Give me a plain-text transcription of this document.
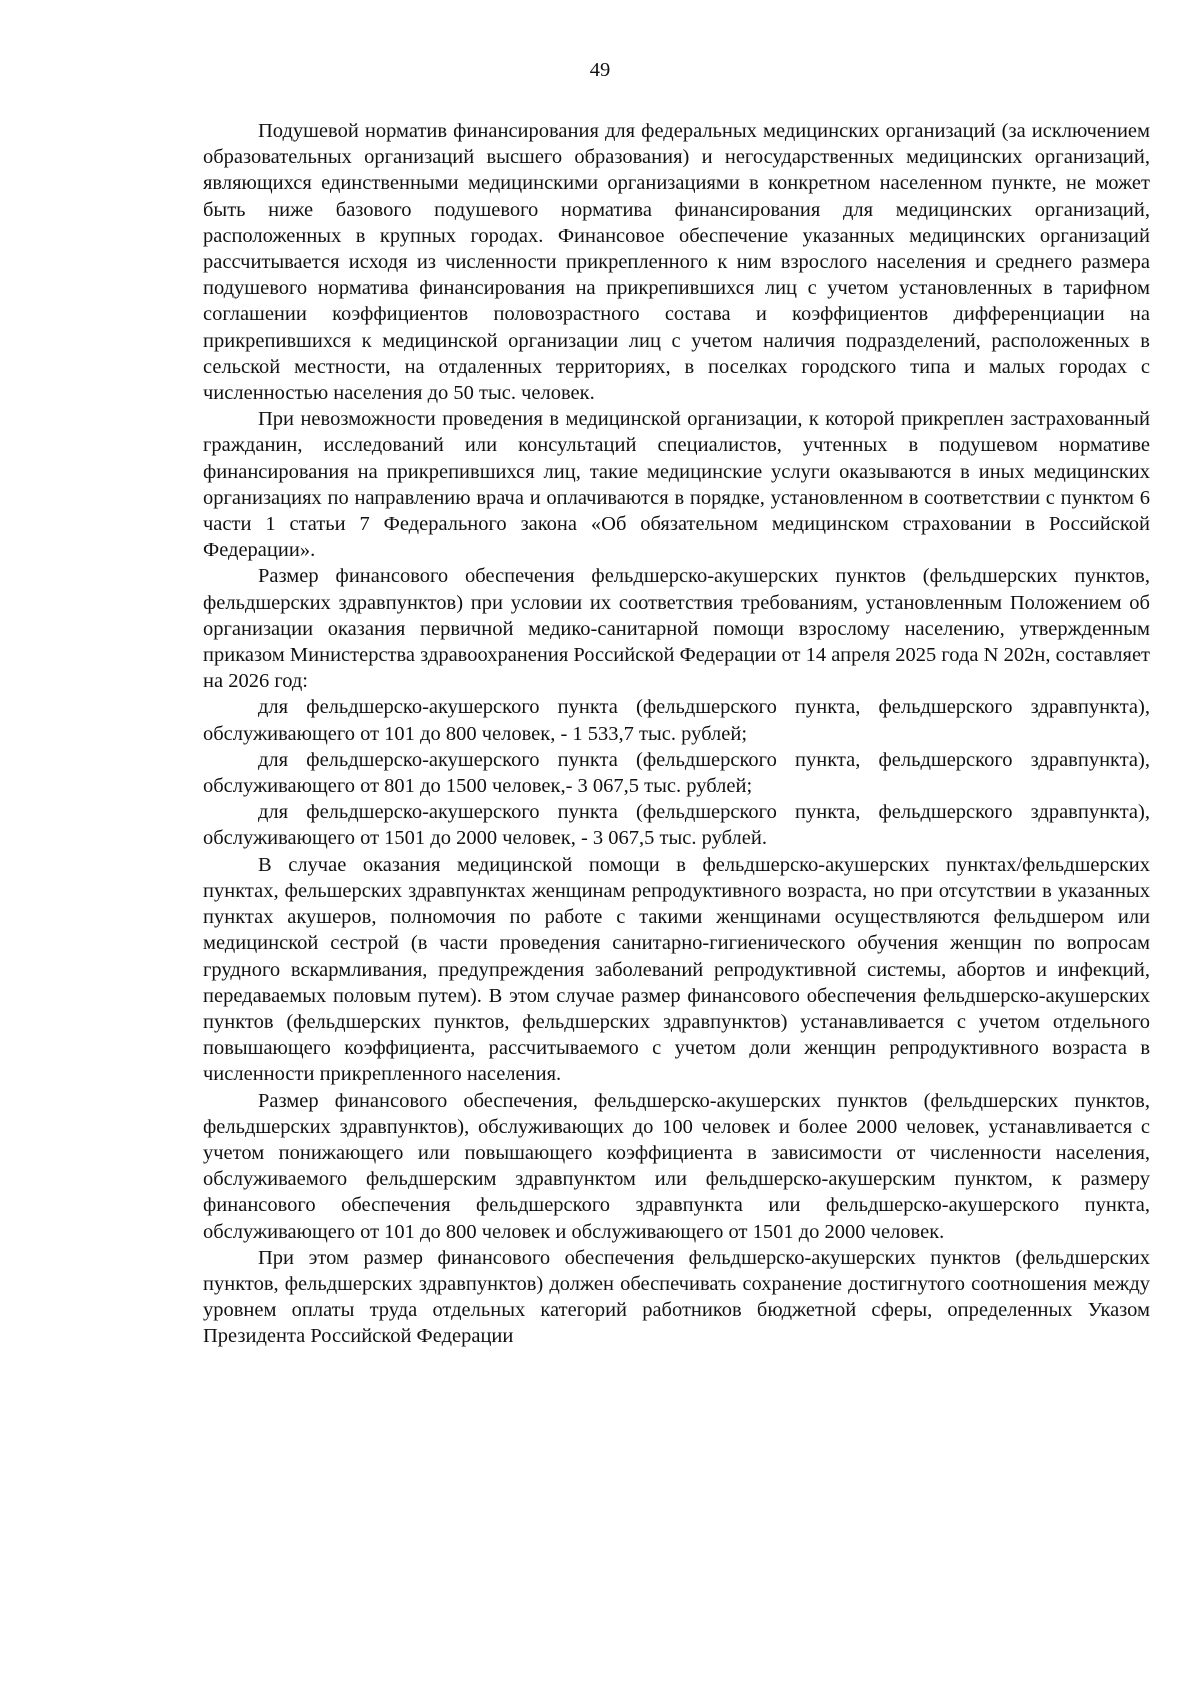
49

Подушевой норматив финансирования для федеральных медицинских организаций (за исключением образовательных организаций высшего образования) и негосударственных медицинских организаций, являющихся единственными медицинскими организациями в конкретном населенном пункте, не может быть ниже базового подушевого норматива финансирования для медицинских организаций, расположенных в крупных городах. Финансовое обеспечение указанных медицинских организаций рассчитывается исходя из численности прикрепленного к ним взрослого населения и среднего размера подушевого норматива финансирования на прикрепившихся лиц с учетом установленных в тарифном соглашении коэффициентов половозрастного состава и коэффициентов дифференциации на прикрепившихся к медицинской организации лиц с учетом наличия подразделений, расположенных в сельской местности, на отдаленных территориях, в поселках городского типа и малых городах с численностью населения до 50 тыс. человек.

При невозможности проведения в медицинской организации, к которой прикреплен застрахованный гражданин, исследований или консультаций специалистов, учтенных в подушевом нормативе финансирования на прикрепившихся лиц, такие медицинские услуги оказываются в иных медицинских организациях по направлению врача и оплачиваются в порядке, установленном в соответствии с пунктом 6 части 1 статьи 7 Федерального закона «Об обязательном медицинском страховании в Российской Федерации».

Размер финансового обеспечения фельдшерско-акушерских пунктов (фельдшерских пунктов, фельдшерских здравпунктов) при условии их соответствия требованиям, установленным Положением об организации оказания первичной медико-санитарной помощи взрослому населению, утвержденным приказом Министерства здравоохранения Российской Федерации от 14 апреля 2025 года N 202н, составляет на 2026 год:

для фельдшерско-акушерского пункта (фельдшерского пункта, фельдшерского здравпункта), обслуживающего от 101 до 800 человек, - 1 533,7 тыс. рублей;

для фельдшерско-акушерского пункта (фельдшерского пункта, фельдшерского здравпункта), обслуживающего от 801 до 1500 человек,- 3 067,5 тыс. рублей;

для фельдшерско-акушерского пункта (фельдшерского пункта, фельдшерского здравпункта), обслуживающего от 1501 до 2000 человек, - 3 067,5 тыс. рублей.

В случае оказания медицинской помощи в фельдшерско-акушерских пунктах/фельдшерских пунктах, фельшерских здравпунктах женщинам репродуктивного возраста, но при отсутствии в указанных пунктах акушеров, полномочия по работе с такими женщинами осуществляются фельдшером или медицинской сестрой (в части проведения санитарно-гигиенического обучения женщин по вопросам грудного вскармливания, предупреждения заболеваний репродуктивной системы, абортов и инфекций, передаваемых половым путем). В этом случае размер финансового обеспечения фельдшерско-акушерских пунктов (фельдшерских пунктов, фельдшерских здравпунктов) устанавливается с учетом отдельного повышающего коэффициента, рассчитываемого с учетом доли женщин репродуктивного возраста в численности прикрепленного населения.

Размер финансового обеспечения, фельдшерско-акушерских пунктов (фельдшерских пунктов, фельдшерских здравпунктов), обслуживающих до 100 человек и более 2000 человек, устанавливается с учетом понижающего или повышающего коэффициента в зависимости от численности населения, обслуживаемого фельдшерским здравпунктом или фельдшерско-акушерским пунктом, к размеру финансового обеспечения фельдшерского здравпункта или фельдшерско-акушерского пункта, обслуживающего от 101 до 800 человек и обслуживающего от 1501 до 2000 человек.

При этом размер финансового обеспечения фельдшерско-акушерских пунктов (фельдшерских пунктов, фельдшерских здравпунктов) должен обеспечивать сохранение достигнутого соотношения между уровнем оплаты труда отдельных категорий работников бюджетной сферы, определенных Указом Президента Российской Федерации
